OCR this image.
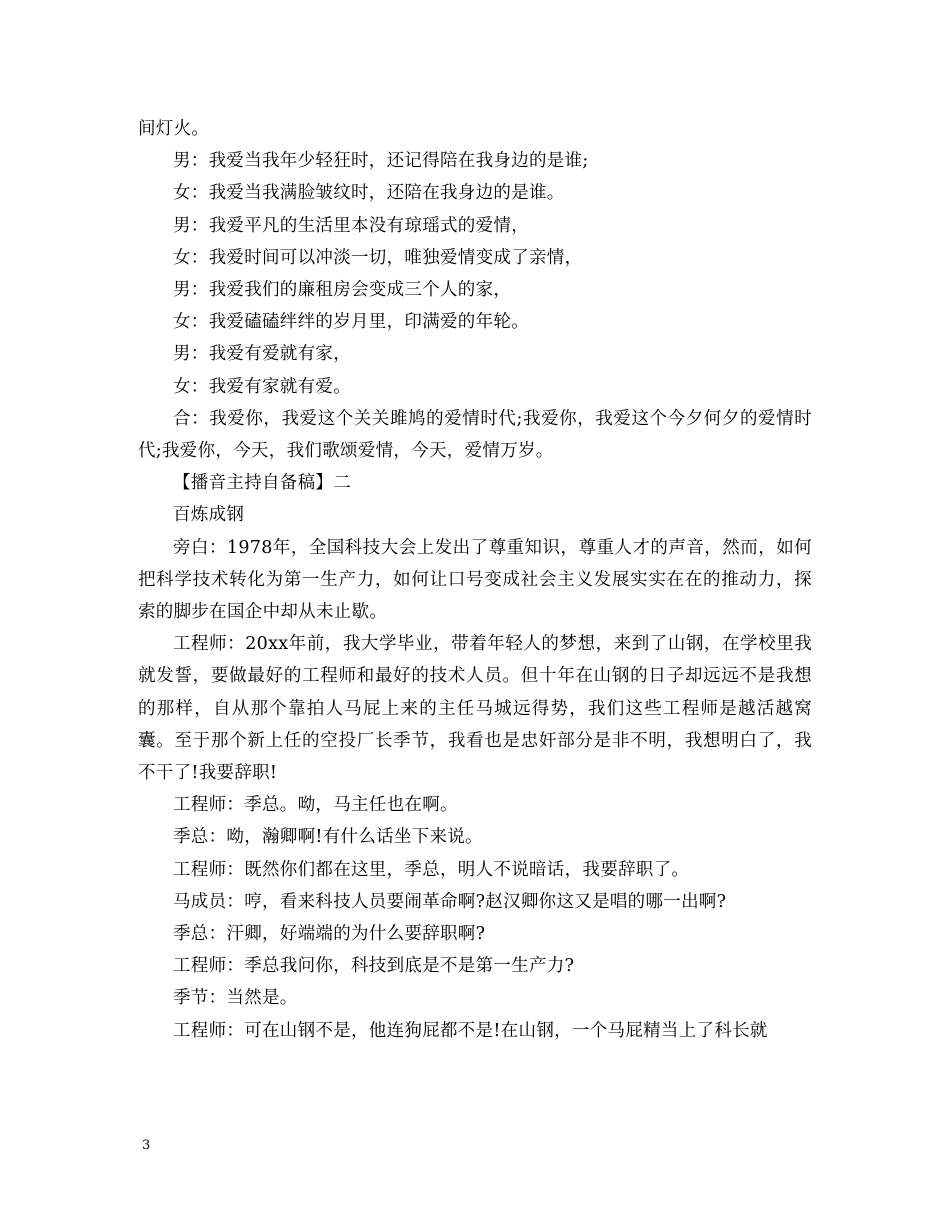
间灯火。

男：我爱当我年少轻狂时，还记得陪在我身边的是谁;

女：我爱当我满脸皱纹时，还陪在我身边的是谁。

男：我爱平凡的生活里本没有琼瑶式的爱情，

女：我爱时间可以冲淡一切，唯独爱情变成了亲情，

男：我爱我们的廉租房会变成三个人的家，

女：我爱磕磕绊绊的岁月里，印满爱的年轮。

男：我爱有爱就有家，

女：我爱有家就有爱。

合：我爱你，我爱这个关关雎鸠的爱情时代;我爱你，我爱这个今夕何夕的爱情时代;我爱你，今天，我们歌颂爱情，今天，爱情万岁。

【播音主持自备稿】二

百炼成钢

旁白：1978年，全国科技大会上发出了尊重知识，尊重人才的声音，然而，如何把科学技术转化为第一生产力，如何让口号变成社会主义发展实实在在的推动力，探索的脚步在国企中却从未止歇。

工程师：20xx年前，我大学毕业，带着年轻人的梦想，来到了山钢，在学校里我就发誓，要做最好的工程师和最好的技术人员。但十年在山钢的日子却远远不是我想的那样，自从那个靠拍人马屁上来的主任马城远得势，我们这些工程师是越活越窝囊。至于那个新上任的空投厂长季节，我看也是忠奸部分是非不明，我想明白了，我不干了!我要辞职!

工程师：季总。呦，马主任也在啊。

季总：呦，瀚卿啊!有什么话坐下来说。

工程师：既然你们都在这里，季总，明人不说暗话，我要辞职了。

马成员：哼，看来科技人员要闹革命啊?赵汉卿你这又是唱的哪一出啊?

季总：汗卿，好端端的为什么要辞职啊?

工程师：季总我问你，科技到底是不是第一生产力?

季节：当然是。

工程师：可在山钢不是，他连狗屁都不是!在山钢，一个马屁精当上了科长就

3
